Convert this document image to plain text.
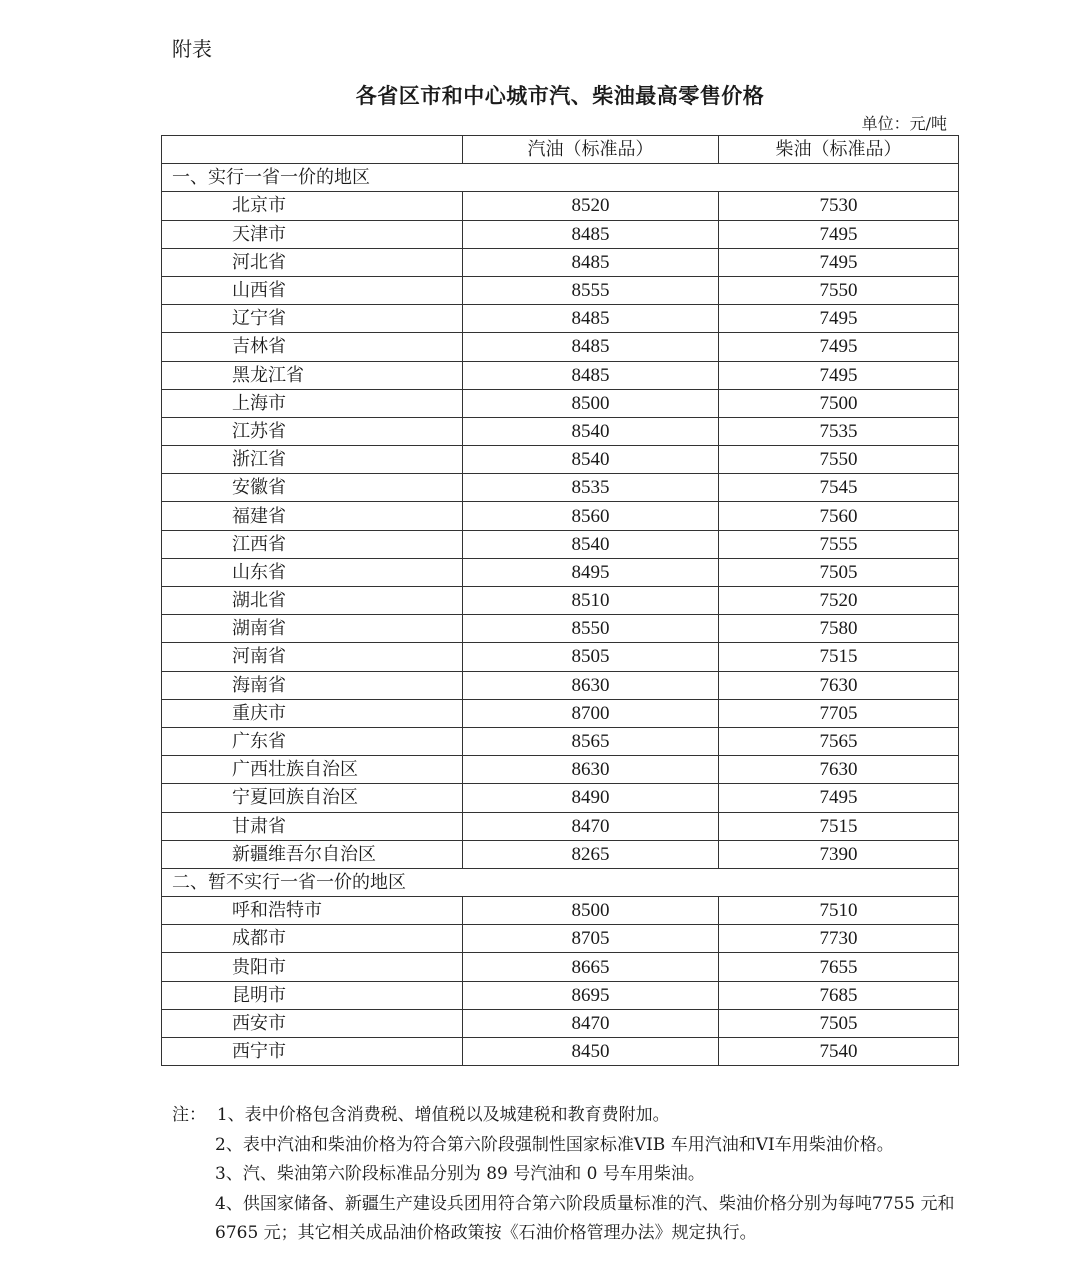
附表
各省区市和中心城市汽、柴油最高零售价格
单位：元/吨
	汽油（标准品）	柴油（标准品）
一、实行一省一价的地区		
北京市	8520	7530
天津市	8485	7495
河北省	8485	7495
山西省	8555	7550
辽宁省	8485	7495
吉林省	8485	7495
黑龙江省	8485	7495
上海市	8500	7500
江苏省	8540	7535
浙江省	8540	7550
安徽省	8535	7545
福建省	8560	7560
江西省	8540	7555
山东省	8495	7505
湖北省	8510	7520
湖南省	8550	7580
河南省	8505	7515
海南省	8630	7630
重庆市	8700	7705
广东省	8565	7565
广西壮族自治区	8630	7630
宁夏回族自治区	8490	7495
甘肃省	8470	7515
新疆维吾尔自治区	8265	7390
二、暂不实行一省一价的地区		
呼和浩特市	8500	7510
成都市	8705	7730
贵阳市	8665	7655
昆明市	8695	7685
西安市	8470	7505
西宁市	8450	7540

注： 1、表中价格包含消费税、增值税以及城建税和教育费附加。

2、表中汽油和柴油价格为符合第六阶段强制性国家标准VIB 车用汽油和VI车用柴油价格。

3、汽、柴油第六阶段标准品分别为 89 号汽油和 0 号车用柴油。

4、供国家储备、新疆生产建设兵团用符合第六阶段质量标准的汽、柴油价格分别为每吨7755 元和 6765 元；其它相关成品油价格政策按《石油价格管理办法》规定执行。
